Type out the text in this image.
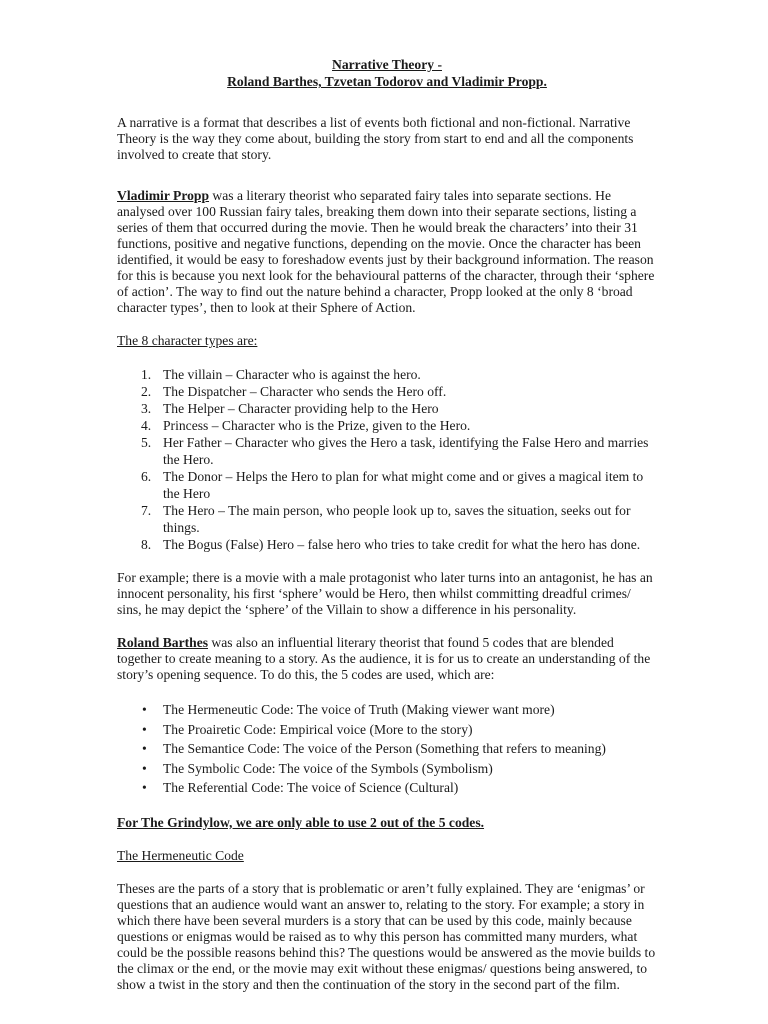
Narrative Theory -
Roland Barthes, Tzvetan Todorov and Vladimir Propp.

A narrative is a format that describes a list of events both fictional and non-fictional. Narrative Theory is the way they come about, building the story from start to end and all the components involved to create that story.

Vladimir Propp was a literary theorist who separated fairy tales into separate sections. He analysed over 100 Russian fairy tales, breaking them down into their separate sections, listing a series of them that occurred during the movie. Then he would break the characters’ into their 31 functions, positive and negative functions, depending on the movie. Once the character has been identified, it would be easy to foreshadow events just by their background information. The reason for this is because you next look for the behavioural patterns of the character, through their ‘sphere of action’. The way to find out the nature behind a character, Propp looked at the only 8 ‘broad character types’, then to look at their Sphere of Action.

The 8 character types are:

1. The villain – Character who is against the hero.
2. The Dispatcher – Character who sends the Hero off.
3. The Helper – Character providing help to the Hero
4. Princess – Character who is the Prize, given to the Hero.
5. Her Father – Character who gives the Hero a task, identifying the False Hero and marries the Hero.
6. The Donor – Helps the Hero to plan for what might come and or gives a magical item to the Hero
7. The Hero – The main person, who people look up to, saves the situation, seeks out for things.
8. The Bogus (False) Hero – false hero who tries to take credit for what the hero has done.

For example; there is a movie with a male protagonist who later turns into an antagonist, he has an innocent personality, his first ‘sphere’ would be Hero, then whilst committing dreadful crimes/ sins, he may depict the ‘sphere’ of the Villain to show a difference in his personality.

Roland Barthes was also an influential literary theorist that found 5 codes that are blended together to create meaning to a story. As the audience, it is for us to create an understanding of the story’s opening sequence. To do this, the 5 codes are used, which are:

• The Hermeneutic Code: The voice of Truth (Making viewer want more)
• The Proairetic Code: Empirical voice (More to the story)
• The Semantice Code: The voice of the Person (Something that refers to meaning)
• The Symbolic Code: The voice of the Symbols (Symbolism)
• The Referential Code: The voice of Science (Cultural)

For The Grindylow, we are only able to use 2 out of the 5 codes.

The Hermeneutic Code

Theses are the parts of a story that is problematic or aren’t fully explained. They are ‘enigmas’ or questions that an audience would want an answer to, relating to the story. For example; a story in which there have been several murders is a story that can be used by this code, mainly because questions or enigmas would be raised as to why this person has committed many murders, what could be the possible reasons behind this? The questions would be answered as the movie builds to the climax or the end, or the movie may exit without these enigmas/ questions being answered, to show a twist in the story and then the continuation of the story in the second part of the film.
